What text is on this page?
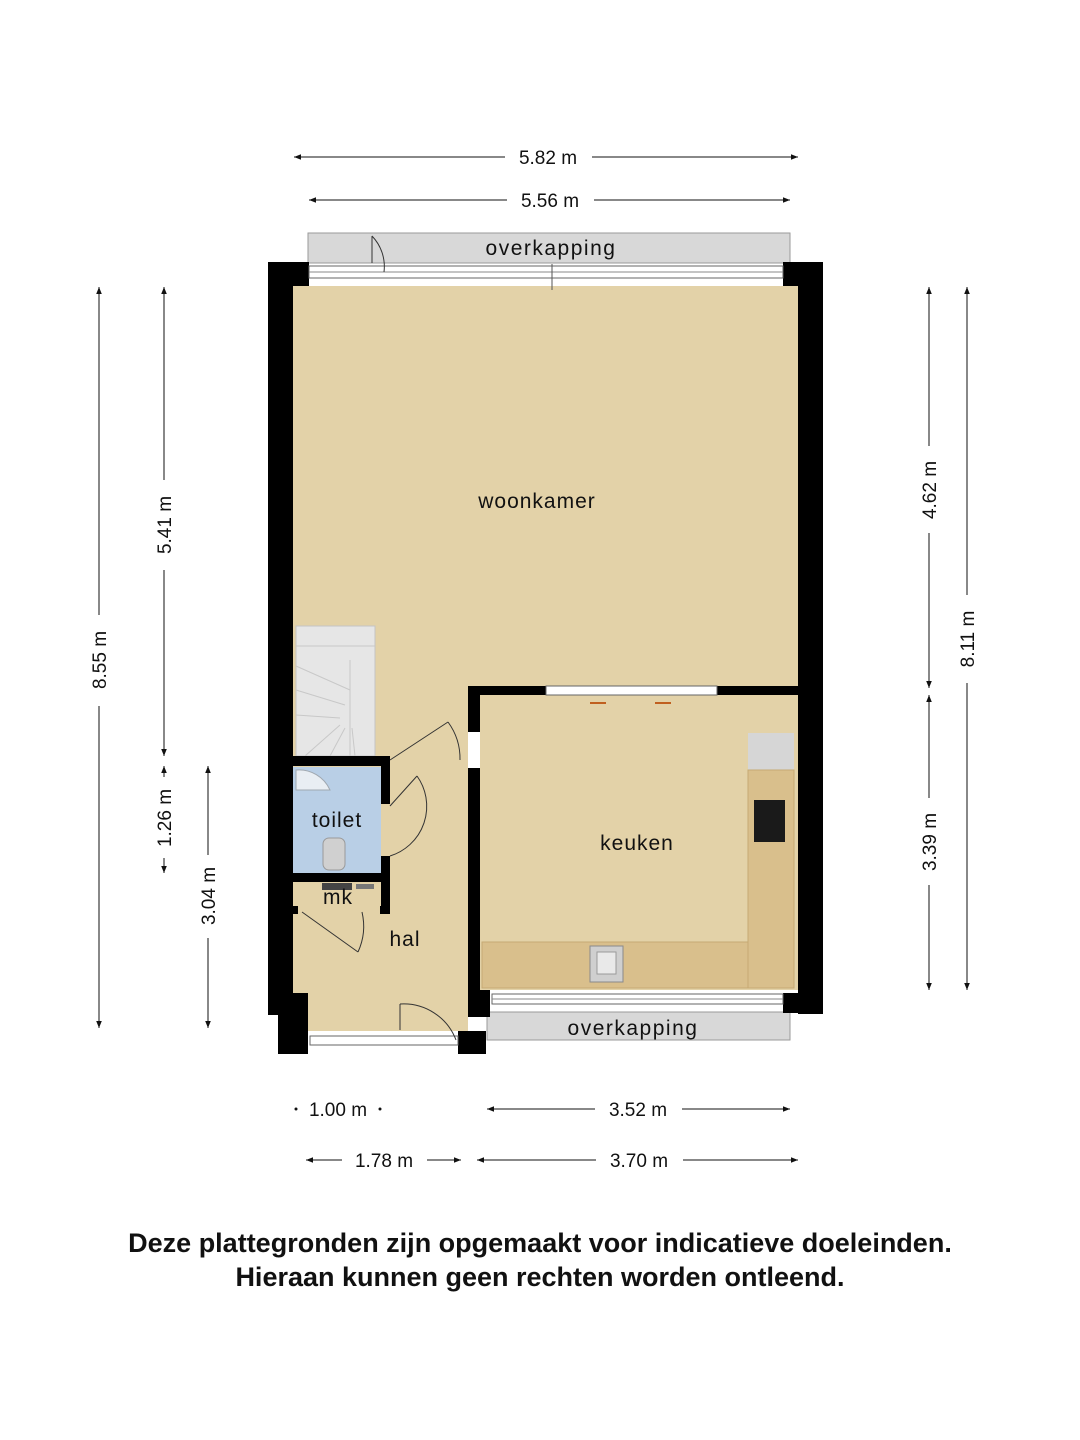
woonkamer
keuken
toilet
mk
hal
overkapping
overkapping
5.82 m
5.56 m
1.00 m	3.52 m
1.78 m	3.70 m
8.55 m
5.41 m
1.26 m
3.04 m
4.62 m
8.11 m
3.39 m
Deze plattegronden zijn opgemaakt voor indicatieve doeleinden.
Hieraan kunnen geen rechten worden ontleend.
